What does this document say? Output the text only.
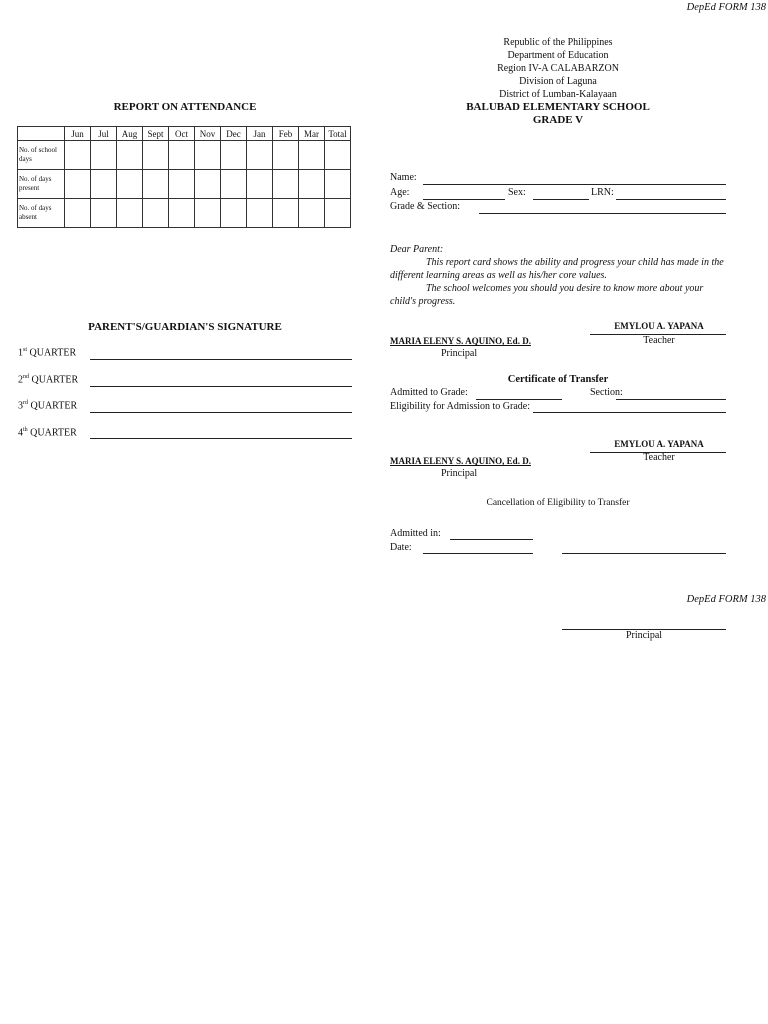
DepEd FORM 138
REPORT ON ATTENDANCE
	Jun	Jul	Aug	Sept	Oct	Nov	Dec	Jan	Feb	Mar	Total
No. of school days											
No. of days present											
No. of days absent											
PARENT'S/GUARDIAN'S SIGNATURE
1st QUARTER
2nd QUARTER
3rd QUARTER
4th QUARTER
Republic of the Philippines
Department of Education
Region IV-A CALABARZON
Division of Laguna
District of Lumban-Kalayaan
BALUBAD ELEMENTARY SCHOOL
GRADE V
Name:
Age:	Sex:	LRN:
Grade & Section:
Dear Parent:
This report card shows the ability and progress your child has made in the different learning areas as well as his/her core values.
The school welcomes you should you desire to know more about your child's progress.
EMYLOU A. YAPANA
Teacher
MARIA ELENY S. AQUINO, Ed. D.
Principal
Certificate of Transfer
Admitted to Grade:	Section:
Eligibility for Admission to Grade:
EMYLOU A. YAPANA
Teacher
MARIA ELENY S. AQUINO, Ed. D.
Principal
Cancellation of Eligibility to Transfer
Admitted in:
Date:
DepEd FORM 138
Principal
